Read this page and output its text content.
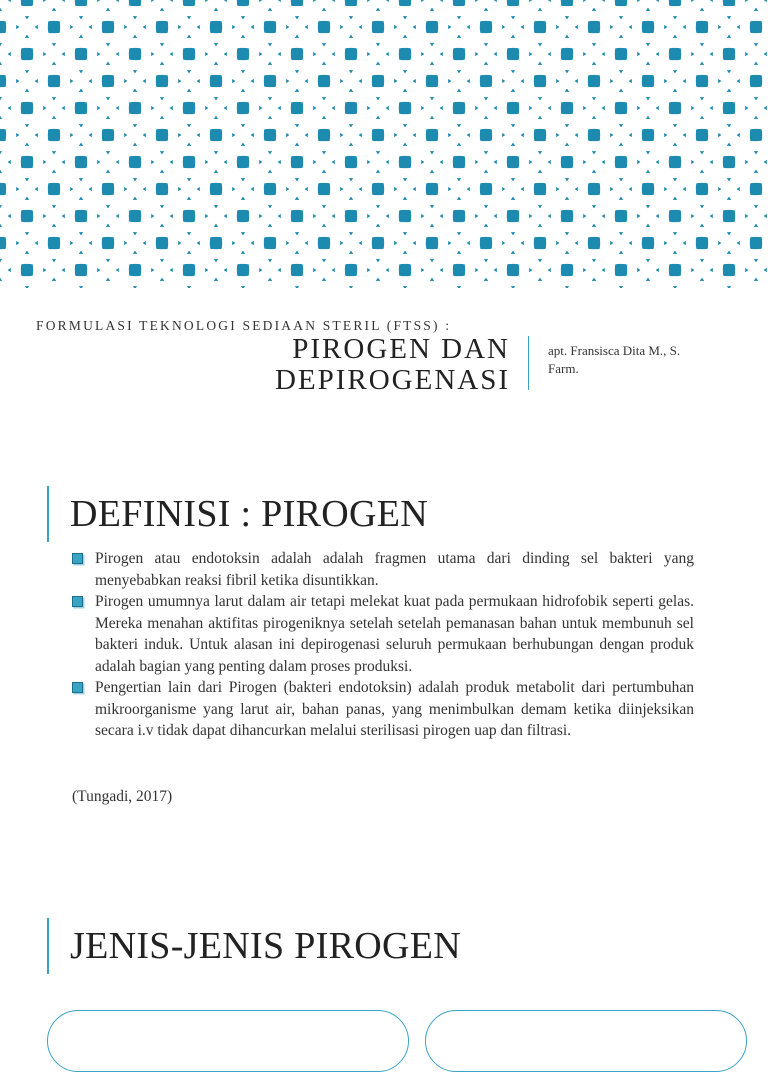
FORMULASI TEKNOLOGI SEDIAAN STERIL (FTSS) :
PIROGEN DAN
DEPIROGENASI
apt. Fransisca Dita M., S.
Farm.
DEFINISI : PIROGEN
Pirogen atau endotoksin adalah adalah fragmen utama dari dinding sel bakteri yang menyebabkan reaksi fibril ketika disuntikkan.
Pirogen umumnya larut dalam air tetapi melekat kuat pada permukaan hidrofobik seperti gelas. Mereka menahan aktifitas pirogeniknya setelah setelah pemanasan bahan untuk membunuh sel bakteri induk. Untuk alasan ini depirogenasi seluruh permukaan berhubungan dengan produk adalah bagian yang penting dalam proses produksi.
Pengertian lain dari Pirogen (bakteri endotoksin) adalah produk metabolit dari pertumbuhan mikroorganisme yang larut air, bahan panas, yang menimbulkan demam ketika diinjeksikan secara i.v tidak dapat dihancurkan melalui sterilisasi pirogen uap dan filtrasi.
(Tungadi, 2017)
JENIS-JENIS PIROGEN
